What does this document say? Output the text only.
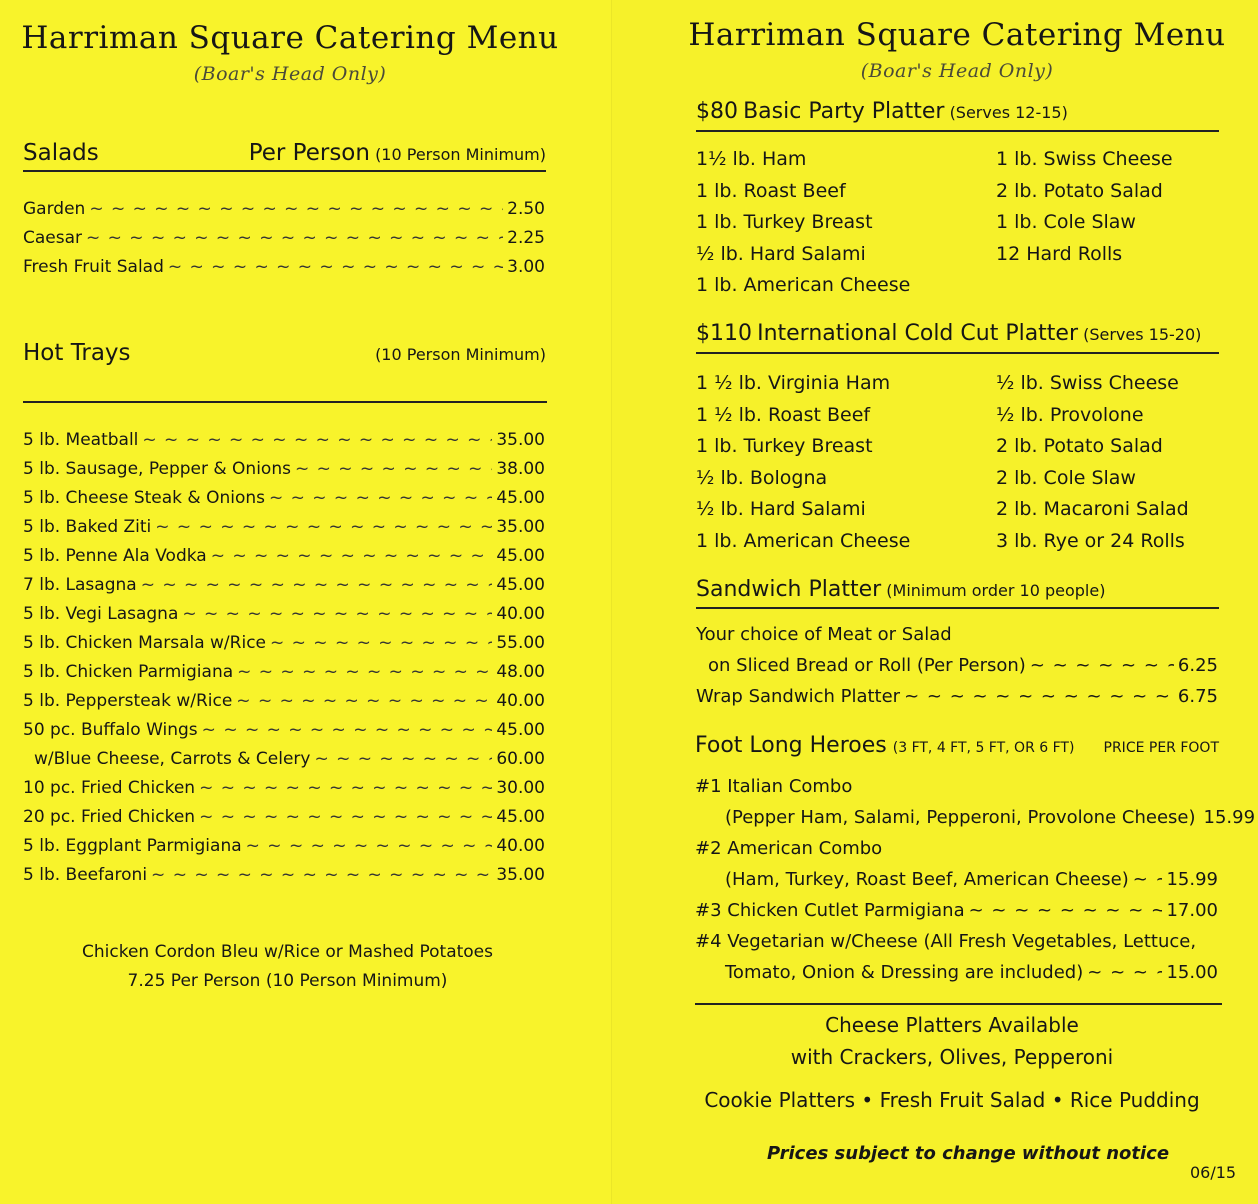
Harriman Square Catering Menu
(Boar's Head Only)
Salads	Per Person (10 Person Minimum)
Garden ~ ~ ~	2.50
Caesar ~ ~ ~	2.25
Fresh Fruit Salad ~ ~ ~	3.00
Hot Trays	(10 Person Minimum)
5 lb. Meatball ~ ~ ~	35.00
5 lb. Sausage, Pepper & Onions ~ ~ ~	38.00
5 lb. Cheese Steak & Onions ~ ~ ~	45.00
5 lb. Baked Ziti ~ ~ ~	35.00
5 lb. Penne Ala Vodka ~ ~ ~	45.00
7 lb. Lasagna ~ ~ ~	45.00
5 lb. Vegi Lasagna ~ ~ ~	40.00
5 lb. Chicken Marsala w/Rice ~ ~ ~	55.00
5 lb. Chicken Parmigiana ~ ~ ~	48.00
5 lb. Peppersteak w/Rice ~ ~ ~	40.00
50 pc. Buffalo Wings ~ ~ ~	45.00
w/Blue Cheese, Carrots & Celery ~ ~ ~	60.00
10 pc. Fried Chicken ~ ~ ~	30.00
20 pc. Fried Chicken ~ ~ ~	45.00
5 lb. Eggplant Parmigiana ~ ~ ~	40.00
5 lb. Beefaroni ~ ~ ~	35.00
Chicken Cordon Bleu w/Rice or Mashed Potatoes
7.25 Per Person (10 Person Minimum)
Harriman Square Catering Menu
(Boar's Head Only)
$80 Basic Party Platter (Serves 12-15)
1½ lb. Ham	1 lb. Swiss Cheese
1 lb. Roast Beef	2 lb. Potato Salad
1 lb. Turkey Breast	1 lb. Cole Slaw
½ lb. Hard Salami	12 Hard Rolls
1 lb. American Cheese
$110 International Cold Cut Platter (Serves 15-20)
1 ½ lb. Virginia Ham	½ lb. Swiss Cheese
1 ½ lb. Roast Beef	½ lb. Provolone
1 lb. Turkey Breast	2 lb. Potato Salad
½ lb. Bologna	2 lb. Cole Slaw
½ lb. Hard Salami	2 lb. Macaroni Salad
1 lb. American Cheese	3 lb. Rye or 24 Rolls
Sandwich Platter (Minimum order 10 people)
Your choice of Meat or Salad
on Sliced Bread or Roll (Per Person) ~ ~ ~	6.25
Wrap Sandwich Platter ~ ~ ~	6.75
Foot Long Heroes (3 FT, 4 FT, 5 FT, OR 6 FT) PRICE PER FOOT
#1 Italian Combo
(Pepper Ham, Salami, Pepperoni, Provolone Cheese) 15.99
#2 American Combo
(Ham, Turkey, Roast Beef, American Cheese) ~ ~ ~ 15.99
#3 Chicken Cutlet Parmigiana ~ ~ ~	17.00
#4 Vegetarian w/Cheese (All Fresh Vegetables, Lettuce,
Tomato, Onion & Dressing are included) ~ ~ ~	15.00
Cheese Platters Available
with Crackers, Olives, Pepperoni
Cookie Platters • Fresh Fruit Salad • Rice Pudding
Prices subject to change without notice
06/15
